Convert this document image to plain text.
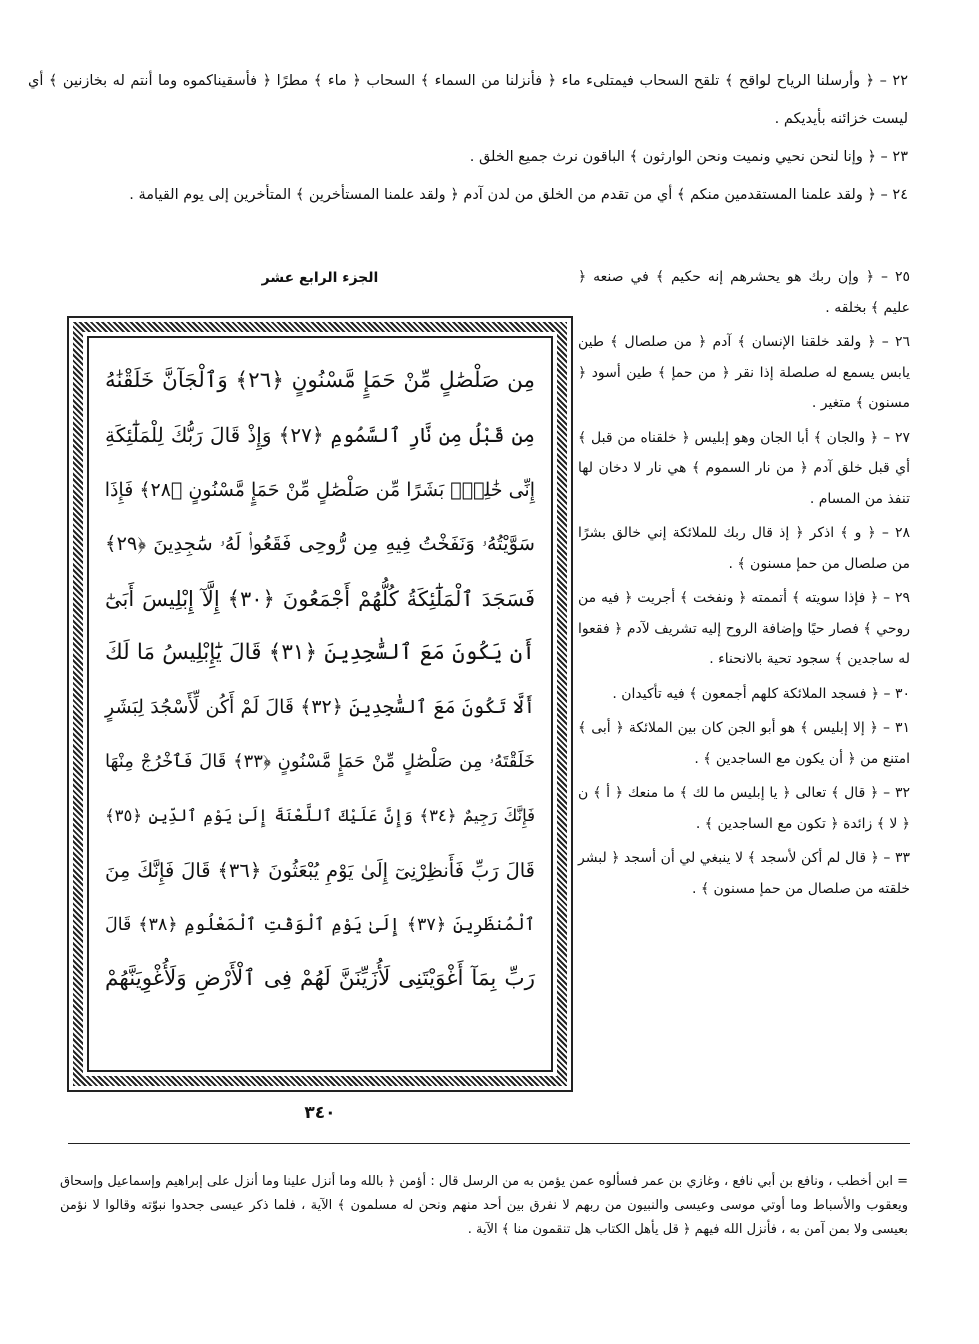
٢٢ – ﴿ وأرسلنا الرياح لواقح ﴾ تلقح السحاب فيمتلىء ماء ﴿ فأنزلنا من السماء ﴾ السحاب ﴿ ماء ﴾ مطرًا ﴿ فأسقيناكموه وما أنتم له بخازنين ﴾ أي ليست خزائنه بأيديكم .

٢٣ – ﴿ وإنا لنحن نحيي ونميت ونحن الوارثون ﴾ الباقون نرث جميع الخلق .

٢٤ – ﴿ ولقد علمنا المستقدمين منكم ﴾ أي من تقدم من الخلق من لدن آدم ﴿ ولقد علمنا المستأخرين ﴾ المتأخرين إلى يوم القيامة .

الجزء الرابع عشر
مِن صَلْصَٰلٍ مِّنْ حَمَإٍ مَّسْنُونٍ ﴿٢٦﴾ وَٱلْجَآنَّ خَلَقْنَٰهُ
مِن قَبْلُ مِن نَّارِ ٱلسَّمُومِ ﴿٢٧﴾ وَإِذْ قَالَ رَبُّكَ لِلْمَلَٰٓئِكَةِ
إِنِّى خَٰلِقٌۢ بَشَرًا مِّن صَلْصَٰلٍ مِّنْ حَمَإٍ مَّسْنُونٍ ﴿٢٨﴾ فَإِذَا
سَوَّيْتُهُۥ وَنَفَخْتُ فِيهِ مِن رُّوحِى فَقَعُوا۟ لَهُۥ سَٰجِدِينَ ﴿٢٩﴾
فَسَجَدَ ٱلْمَلَٰٓئِكَةُ كُلُّهُمْ أَجْمَعُونَ ﴿٣٠﴾ إِلَّآ إِبْلِيسَ أَبَىٰٓ
أَن يَكُونَ مَعَ ٱلسَّٰجِدِينَ ﴿٣١﴾ قَالَ يَٰٓإِبْلِيسُ مَا لَكَ
أَلَّا تَكُونَ مَعَ ٱلسَّٰجِدِينَ ﴿٣٢﴾ قَالَ لَمْ أَكُن لِّأَسْجُدَ لِبَشَرٍ
خَلَقْتَهُۥ مِن صَلْصَٰلٍ مِّنْ حَمَإٍ مَّسْنُونٍ ﴿٣٣﴾ قَالَ فَٱخْرُجْ مِنْهَا
فَإِنَّكَ رَجِيمٌ ﴿٣٤﴾ وَإِنَّ عَلَيْكَ ٱللَّعْنَةَ إِلَىٰ يَوْمِ ٱلدِّينِ ﴿٣٥﴾
قَالَ رَبِّ فَأَنظِرْنِىٓ إِلَىٰ يَوْمِ يُبْعَثُونَ ﴿٣٦﴾ قَالَ فَإِنَّكَ مِنَ
ٱلْمُنظَرِينَ ﴿٣٧﴾ إِلَىٰ يَوْمِ ٱلْوَقْتِ ٱلْمَعْلُومِ ﴿٣٨﴾ قَالَ
رَبِّ بِمَآ أَغْوَيْتَنِى لَأُزَيِّنَنَّ لَهُمْ فِى ٱلْأَرْضِ وَلَأُغْوِيَنَّهُمْ

٢٥ – ﴿ وإن ربك هو يحشرهم إنه حكيم ﴾ في صنعه ﴿ عليم ﴾ بخلقه .

٢٦ – ﴿ ولقد خلقنا الإنسان ﴾ آدم ﴿ من صلصال ﴾ طين يابس يسمع له صلصلة إذا نقر ﴿ من حمإ ﴾ طين أسود ﴿ مسنون ﴾ متغير .

٢٧ – ﴿ والجان ﴾ أبا الجان وهو إبليس ﴿ خلقناه من قبل ﴾ أي قبل خلق آدم ﴿ من نار السموم ﴾ هي نار لا دخان لها تنفذ من المسام .

٢٨ – ﴿ و ﴾ اذكر ﴿ إذ قال ربك للملائكة إني خالق بشرًا من صلصال من حمإ مسنون ﴾ .

٢٩ – ﴿ فإذا سويته ﴾ أتممته ﴿ ونفخت ﴾ أجريت ﴿ فيه من روحي ﴾ فصار حيًا وإضافة الروح إليه تشريف لآدم ﴿ فقعوا له ساجدين ﴾ سجود تحية بالانحناء .

٣٠ – ﴿ فسجد الملائكة كلهم أجمعون ﴾ فيه تأكيدان .

٣١ – ﴿ إلا إبليس ﴾ هو أبو الجن كان بين الملائكة ﴿ أبى ﴾ امتنع من ﴿ أن يكون مع الساجدين ﴾ .

٣٢ – ﴿ قال ﴾ تعالى ﴿ يا إبليس ما لك ﴾ ما منعك ﴿ أ ﴾ ن ﴿ لا ﴾ زائدة ﴿ تكون مع الساجدين ﴾ .

٣٣ – ﴿ قال لم أكن لأسجد ﴾ لا ينبغي لي أن أسجد ﴿ لبشر خلقته من صلصال من حمإ مسنون ﴾ .

٣٤٠

= ابن أخطب ، ونافع بن أبي نافع ، وغازي بن عمر فسألوه عمن يؤمن به من الرسل قال : أؤمن ﴿ بالله وما أنزل علينا وما أنزل على إبراهيم وإسماعيل وإسحاق ويعقوب والأسباط وما أوتي موسى وعيسى والنبيون من ربهم لا نفرق بين أحد منهم ونحن له مسلمون ﴾ الآية ، فلما ذكر عيسى جحدوا نبوّته وقالوا لا نؤمن بعيسى ولا بمن آمن به ، فأنزل الله فيهم ﴿ قل يأهل الكتاب هل تنقمون منا ﴾ الآية .
